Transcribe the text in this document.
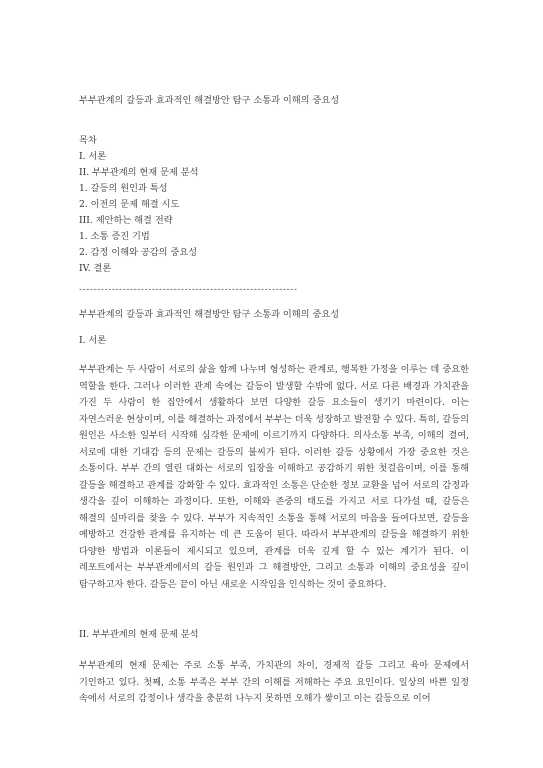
부부관계의 갈등과 효과적인 해결방안 탐구 소통과 이해의 중요성
목차
I. 서론
II. 부부관계의 현재 문제 분석
1. 갈등의 원인과 특성
2. 이전의 문제 해결 시도
III. 제안하는 해결 전략
1. 소통 증진 기법
2. 감정 이해와 공감의 중요성
IV. 결론
------------------------------------------------------------
부부관계의 갈등과 효과적인 해결방안 탐구 소통과 이해의 중요성
I. 서론

부부관계는 두 사람이 서로의 삶을 함께 나누며 형성하는 관계로, 행복한 가정을 이루는 데 중요한 역할을 한다. 그러나 이러한 관계 속에는 갈등이 발생할 수밖에 없다. 서로 다른 배경과 가치관을 가진 두 사람이 한 집안에서 생활하다 보면 다양한 갈등 요소들이 생기기 마련이다. 이는 자연스러운 현상이며, 이를 해결하는 과정에서 부부는 더욱 성장하고 발전할 수 있다. 특히, 갈등의 원인은 사소한 일부터 시작해 심각한 문제에 이르기까지 다양하다. 의사소통 부족, 이해의 결여, 서로에 대한 기대감 등의 문제는 갈등의 불씨가 된다. 이러한 갈등 상황에서 가장 중요한 것은 소통이다. 부부 간의 열린 대화는 서로의 입장을 이해하고 공감하기 위한 첫걸음이며, 이를 통해 갈등을 해결하고 관계를 강화할 수 있다. 효과적인 소통은 단순한 정보 교환을 넘어 서로의 감정과 생각을 깊이 이해하는 과정이다. 또한, 이해와 존중의 태도를 가지고 서로 다가설 때, 갈등은 해결의 실마리를 찾을 수 있다. 부부가 지속적인 소통을 통해 서로의 마음을 들여다보면, 갈등을 예방하고 건강한 관계를 유지하는 데 큰 도움이 된다. 따라서 부부관계의 갈등을 해결하기 위한 다양한 방법과 이론들이 제시되고 있으며, 관계를 더욱 깊게 할 수 있는 계기가 된다. 이 레포트에서는 부부관계에서의 갈등 원인과 그 해결방안, 그리고 소통과 이해의 중요성을 깊이 탐구하고자 한다. 갈등은 끝이 아닌 새로운 시작임을 인식하는 것이 중요하다.

II. 부부관계의 현재 문제 분석

부부관계의 현재 문제는 주로 소통 부족, 가치관의 차이, 경제적 갈등 그리고 육아 문제에서 기인하고 있다. 첫째, 소통 부족은 부부 간의 이해를 저해하는 주요 요인이다. 일상의 바쁜 일정 속에서 서로의 감정이나 생각을 충분히 나누지 못하면 오해가 쌓이고 이는 갈등으로 이어
